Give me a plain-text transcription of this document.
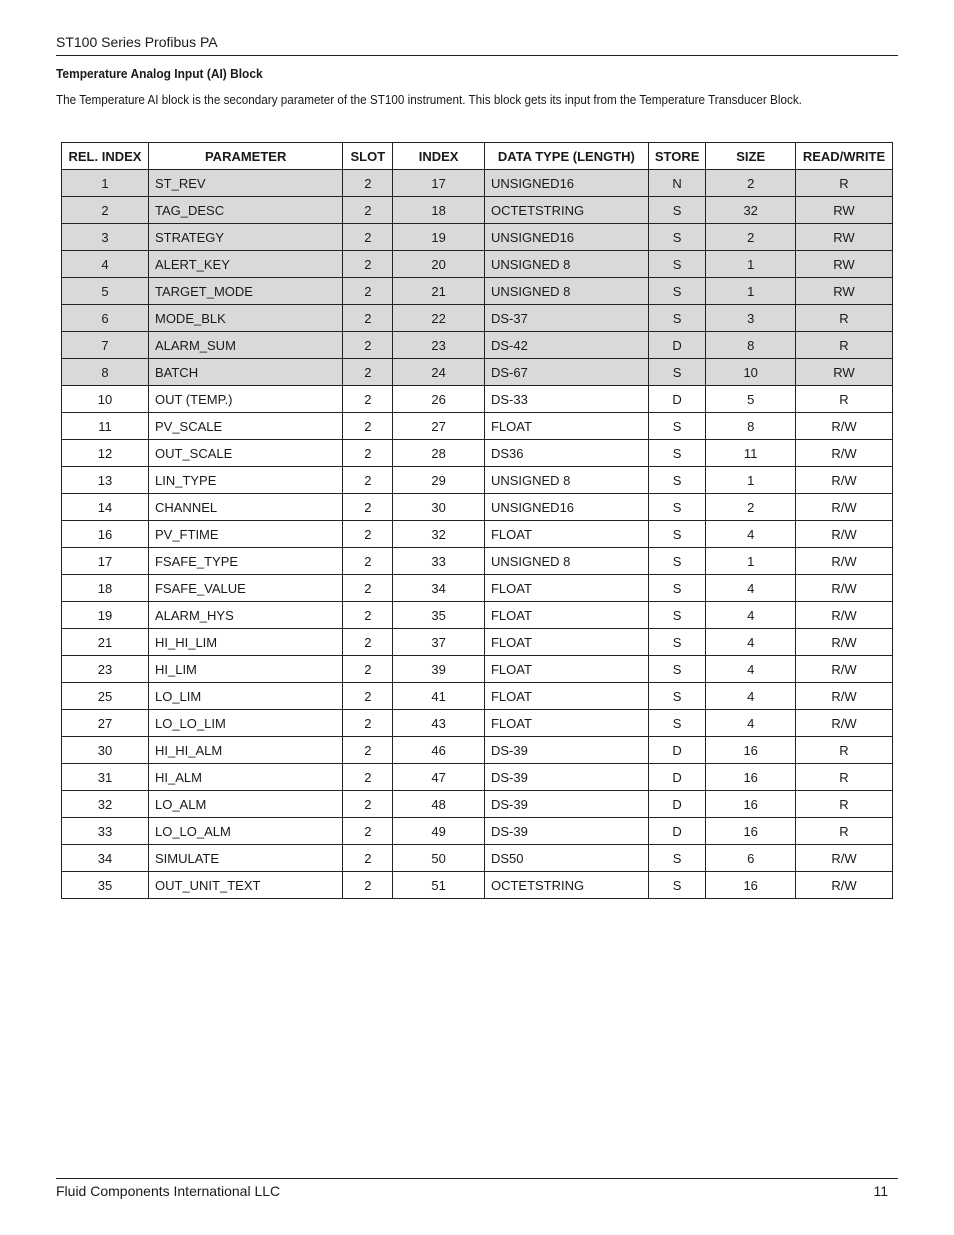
ST100 Series Profibus PA
Temperature Analog Input (AI) Block
The Temperature AI block is the secondary parameter of the ST100 instrument. This block gets its input from the Temperature Transducer Block.
REL. INDEX	PARAMETER	SLOT	INDEX	DATA TYPE (LENGTH)	STORE	SIZE	READ/WRITE
1	ST_REV	2	17	UNSIGNED16	N	2	R
2	TAG_DESC	2	18	OCTETSTRING	S	32	RW
3	STRATEGY	2	19	UNSIGNED16	S	2	RW
4	ALERT_KEY	2	20	UNSIGNED 8	S	1	RW
5	TARGET_MODE	2	21	UNSIGNED 8	S	1	RW
6	MODE_BLK	2	22	DS-37	S	3	R
7	ALARM_SUM	2	23	DS-42	D	8	R
8	BATCH	2	24	DS-67	S	10	RW
10	OUT (TEMP.)	2	26	DS-33	D	5	R
11	PV_SCALE	2	27	FLOAT	S	8	R/W
12	OUT_SCALE	2	28	DS36	S	11	R/W
13	LIN_TYPE	2	29	UNSIGNED 8	S	1	R/W
14	CHANNEL	2	30	UNSIGNED16	S	2	R/W
16	PV_FTIME	2	32	FLOAT	S	4	R/W
17	FSAFE_TYPE	2	33	UNSIGNED 8	S	1	R/W
18	FSAFE_VALUE	2	34	FLOAT	S	4	R/W
19	ALARM_HYS	2	35	FLOAT	S	4	R/W
21	HI_HI_LIM	2	37	FLOAT	S	4	R/W
23	HI_LIM	2	39	FLOAT	S	4	R/W
25	LO_LIM	2	41	FLOAT	S	4	R/W
27	LO_LO_LIM	2	43	FLOAT	S	4	R/W
30	HI_HI_ALM	2	46	DS-39	D	16	R
31	HI_ALM	2	47	DS-39	D	16	R
32	LO_ALM	2	48	DS-39	D	16	R
33	LO_LO_ALM	2	49	DS-39	D	16	R
34	SIMULATE	2	50	DS50	S	6	R/W
35	OUT_UNIT_TEXT	2	51	OCTETSTRING	S	16	R/W
Fluid Components International LLC	11
